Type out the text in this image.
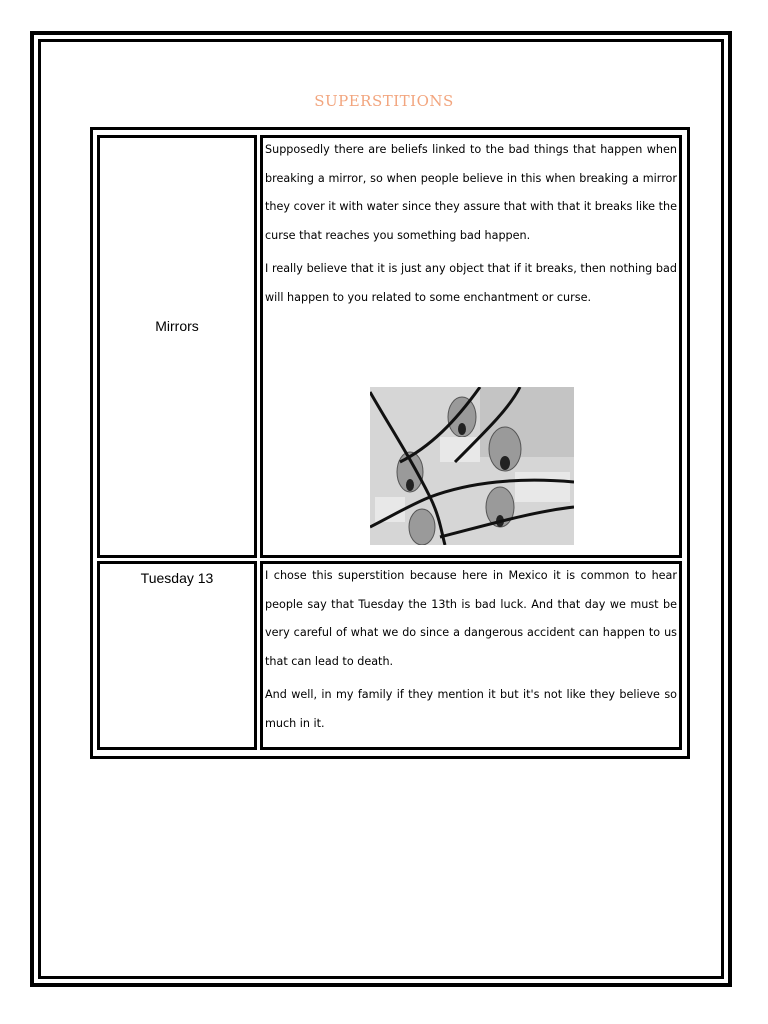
SUPERSTITIONS
Mirrors

Supposedly there are beliefs linked to the bad things that happen when breaking a mirror, so when people believe in this when breaking a mirror they cover it with water since they assure that with that it breaks like the curse that reaches you something bad happen.

I really believe that it is just any object that if it breaks, then nothing bad will happen to you related to some enchantment or curse.

Tuesday 13	I chose this superstition because here in Mexico it is common to hear people say that Tuesday the 13th is bad luck. And that day we must be very careful of what we do since a dangerous accident can happen to us that can lead to death.

And well, in my family if they mention it but it's not like they believe so much in it.
